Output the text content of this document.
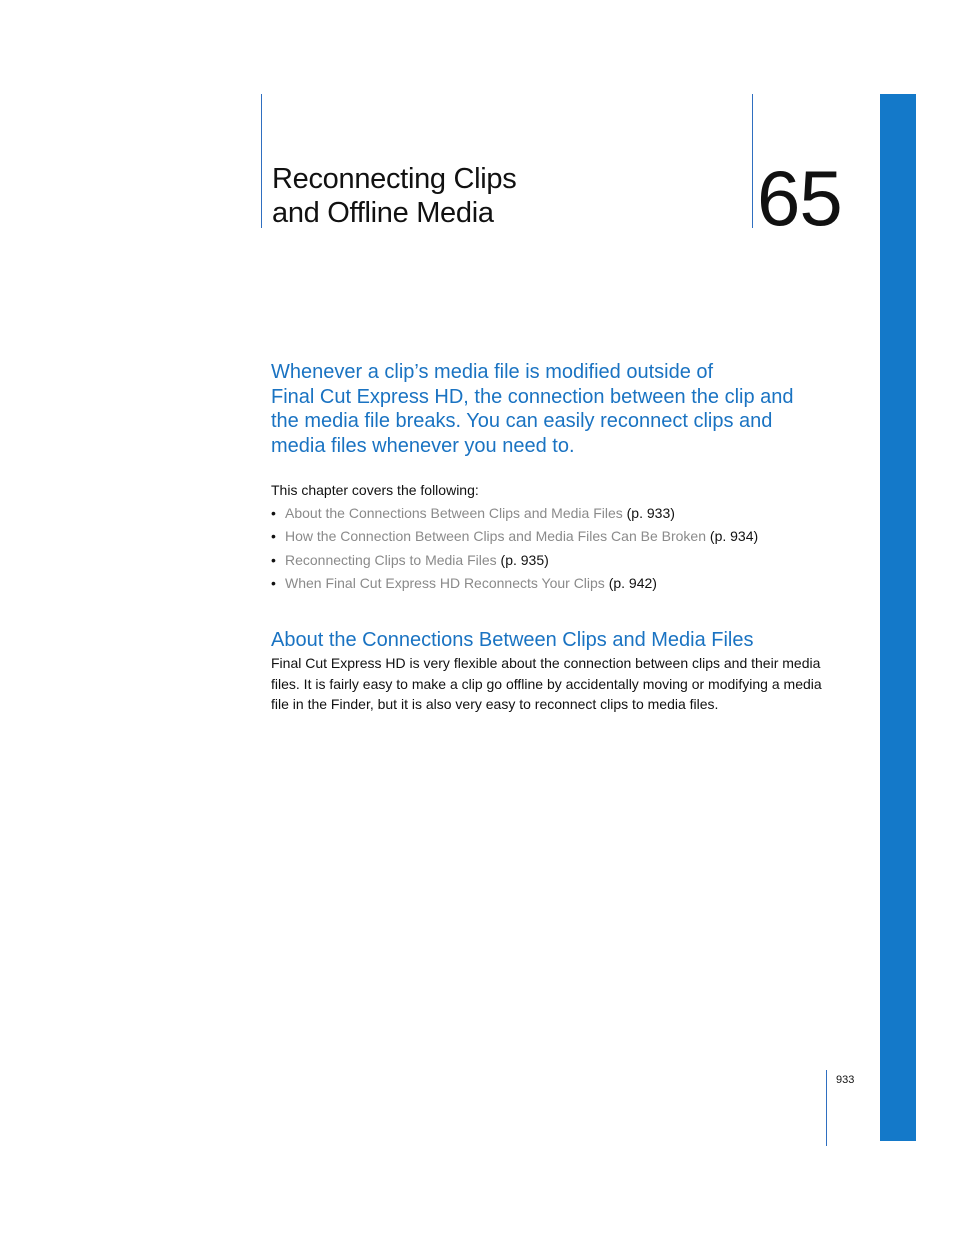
Reconnecting Clips
and Offline Media	65

Whenever a clip’s media file is modified outside of
Final Cut Express HD, the connection between the clip and
the media file breaks. You can easily reconnect clips and
media files whenever you need to.

This chapter covers the following:

• About the Connections Between Clips and Media Files (p. 933)
• How the Connection Between Clips and Media Files Can Be Broken (p. 934)
• Reconnecting Clips to Media Files (p. 935)
• When Final Cut Express HD Reconnects Your Clips (p. 942)
About the Connections Between Clips and Media Files

Final Cut Express HD is very flexible about the connection between clips and their media
files. It is fairly easy to make a clip go offline by accidentally moving or modifying a media
file in the Finder, but it is also very easy to reconnect clips to media files.

933
